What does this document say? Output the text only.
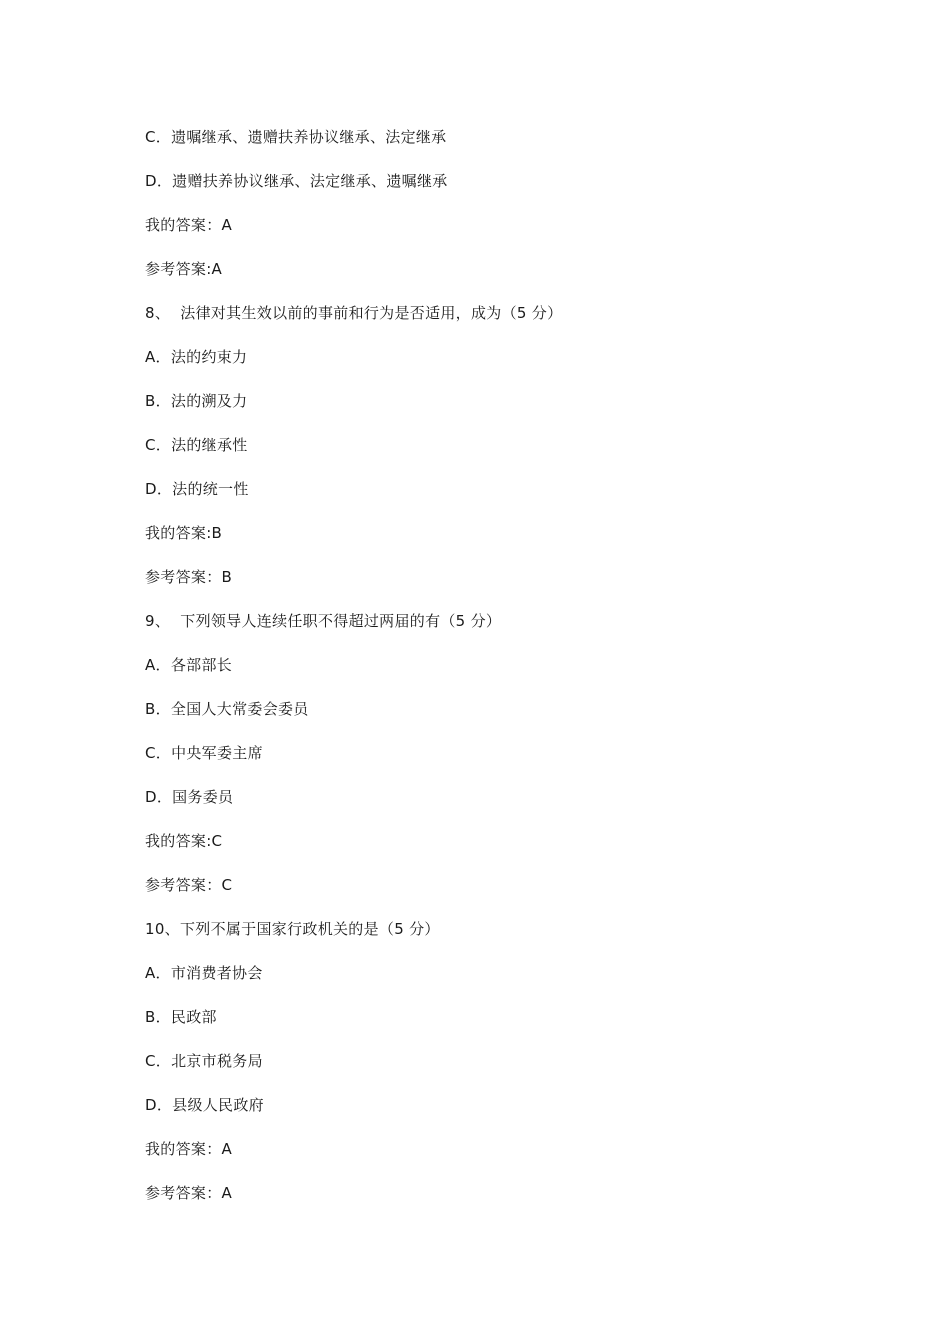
C．遗嘱继承、遗赠扶养协议继承、法定继承
D．遗赠扶养协议继承、法定继承、遗嘱继承
我的答案：A
参考答案:A
8、  法律对其生效以前的事前和行为是否适用，成为（5 分）
A．法的约束力
B．法的溯及力
C．法的继承性
D．法的统一性
我的答案:B
参考答案：B
9、  下列领导人连续任职不得超过两届的有（5 分）
A．各部部长
B．全国人大常委会委员
C．中央军委主席
D．国务委员
我的答案:C
参考答案：C
10、下列不属于国家行政机关的是（5 分）
A．市消费者协会
B．民政部
C．北京市税务局
D．县级人民政府
我的答案：A
参考答案：A
